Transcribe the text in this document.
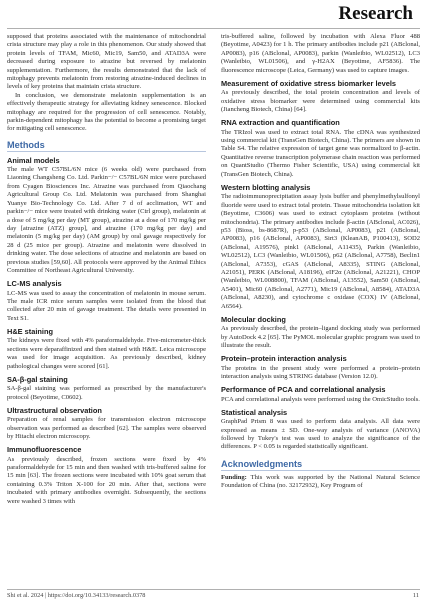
Research

supposed that proteins associated with the maintenance of mitochondrial crista structure may play a role in this phenomenon. Our study showed that protein levels of TFAM, Mic60, Mic19, Sam50, and ATAD3A were decreased during exposure to atrazine but reversed by melatonin supplementation. Furthermore, the results demonstrated that the lack of mitophagy prevents melatonin from restoring atrazine-induced declines in levels of key proteins that maintain crista structure.

In conclusion, we demonstrate melatonin supplementation is an effectively therapeutic strategy for alleviating kidney senescence. Blocked mitophagy are required for the progression of cell senescence. Notably, parkin-dependent mitophagy has the potential to become a promising target for mitigating cell senescence.

Methods
Animal models

The male WT C57BL/6N mice (6 weeks old) were purchased from Liaoning Changsheng Co. Ltd. Parkin−/− C57BL/6N mice were purchased from Cyagen Biosciences Inc. Atrazine was purchased from Qiaochang Agricultural Group Co. Ltd. Melatonin was purchased from Shanghai Yuanye Bio-Technology Co. Ltd. After 7 d of acclimation, WT and parkin−/− mice were treated with drinking water (Ctrl group), melatonin at a dose of 5 mg/kg per day (MT group), atrazine at a dose of 170 mg/kg per day [atrazine (ATZ) group], and atrazine (170 mg/kg per day) and melatonin (5 mg/kg per day) (AM group) by oral gavage respectively for 28 d (25 mice per group). Atrazine and melatonin were dissolved in drinking water. The dose selections of atrazine and melatonin are based on previous studies [59,60]. All protocols were approved by the Animal Ethics Committee of Northeast Agricultural University.

LC-MS analysis

LC-MS was used to assay the concentration of melatonin in mouse serum. The male ICR mice serum samples were isolated from the blood that collected after 20 min of gavage treatment. The details were presented in Text S1.

H&E staining

The kidneys were fixed with 4% paraformaldehyde. Five-micrometer-thick sections were deparaffinized and then stained with H&E. Leica microscope was used for image acquisition. As previously described, kidney pathological changes were scored [61].

SA-β-gal staining

SA-β-gal staining was performed as prescribed by the manufacturer's protocol (Beyotime, C0602).

Ultrastructural observation

Preparation of renal samples for transmission electron microscope observation was performed as described [62]. The samples were observed by Hitachi electron microscopy.

Immunofluorescence

As previously described, frozen sections were fixed by 4% paraformaldehyde for 15 min and then washed with tris-buffered saline for 15 min [63]. The frozen sections were incubated with 10% goat serum that containing 0.3% Triton X-100 for 20 min. After that, sections were incubated with primary antibodies overnight. Subsequently, the sections were washed 3 times with

tris-buffered saline, followed by incubation with Alexa Fluor 488 (Beyotime, A0423) for 1 h. The primary antibodies include p21 (ABclonal, AP0083), p16 (ABclonal, AP0083), parkin (Wanleibio, WL02512), LC3 (Wanleibio, WL01506), and γ-H2AX (Beyotime, AF5836). The fluorescence microscope (Leica, Germany) was used to capture images.

Measurement of oxidative stress biomarker levels

As previously described, the total protein concentration and levels of oxidative stress biomarker were determined using commercial kits (Jiancheng Biotech, China) [64].

RNA extraction and quantification

The TRIzol was used to extract total RNA. The cDNA was synthesized using commercial kit (TransGen Biotech, China). The primers are shown in Table S4. The relative expression of target gene was normalized to β-actin. Quantitative reverse transcription polymerase chain reaction was performed on QuantStudio (Thermo Fisher Scientific, USA) using commercial kit (TransGen Biotech, China).

Western blotting analysis

The radioimmunoprecipitation assay lysis buffer and phenylmethylsulfonyl fluoride were used to extract total protein. Tissue mitochondria isolation kit (Beyotime, C3606) was used to extract cytoplasm proteins (without mitochondria). The primary antibodies include β-actin (ABclonal, AC026), p53 (Bioss, bs-8687R), p-p53 (ABclonal, AP0083), p21 (ABclonal, AP0083), p16 (ABclonal, AP0083), Sirt3 (KleanAB, P100413), SOD2 (ABclonal, A19576), pink1 (ABclonal, A11435), Parkin (Wanleibio, WL02512), LC3 (Wanleibio, WL01506), p62 (ABclonal, A7758), Beclin1 (ABclonal, A7353), cGAS (ABclonal, A8335), STING (ABclonal, A21051), PERK (ABclonal, A18196), eIF2α (ABclonal, A21221), CHOP (Wanleibio, WL008800), TFAM (ABclonal, A13552), Sam50 (ABclonal, A5401), Mic60 (ABclonal, A2771), Mic19 (ABclonal, A8584), ATAD3A (ABclonal, A8230), and cytochrome c oxidase (COX) IV (ABclonal, A6564).

Molecular docking

As previously described, the protein–ligand docking study was performed by AutoDock 4.2 [65]. The PyMOL molecular graphic program was used to illustrate the result.

Protein–protein interaction analysis

The proteins in the present study were performed a protein–protein interaction analysis using STRING database (Version 12.0).

Performance of PCA and correlational analysis

PCA and correlational analysis were performed using the OmicStudio tools.

Statistical analysis

GraphPad Prism 8 was used to perform data analysis. All data were expressed as means ± SD. One-way analysis of variance (ANOVA) followed by Tukey's test was used to analyze the significance of the differences. P < 0.05 is regarded statistically significant.

Acknowledgments

Funding: This work was supported by the National Natural Science Foundation of China (no. 32172932), Key Program of

Shi et al. 2024 | https://doi.org/10.34133/research.0378	11
